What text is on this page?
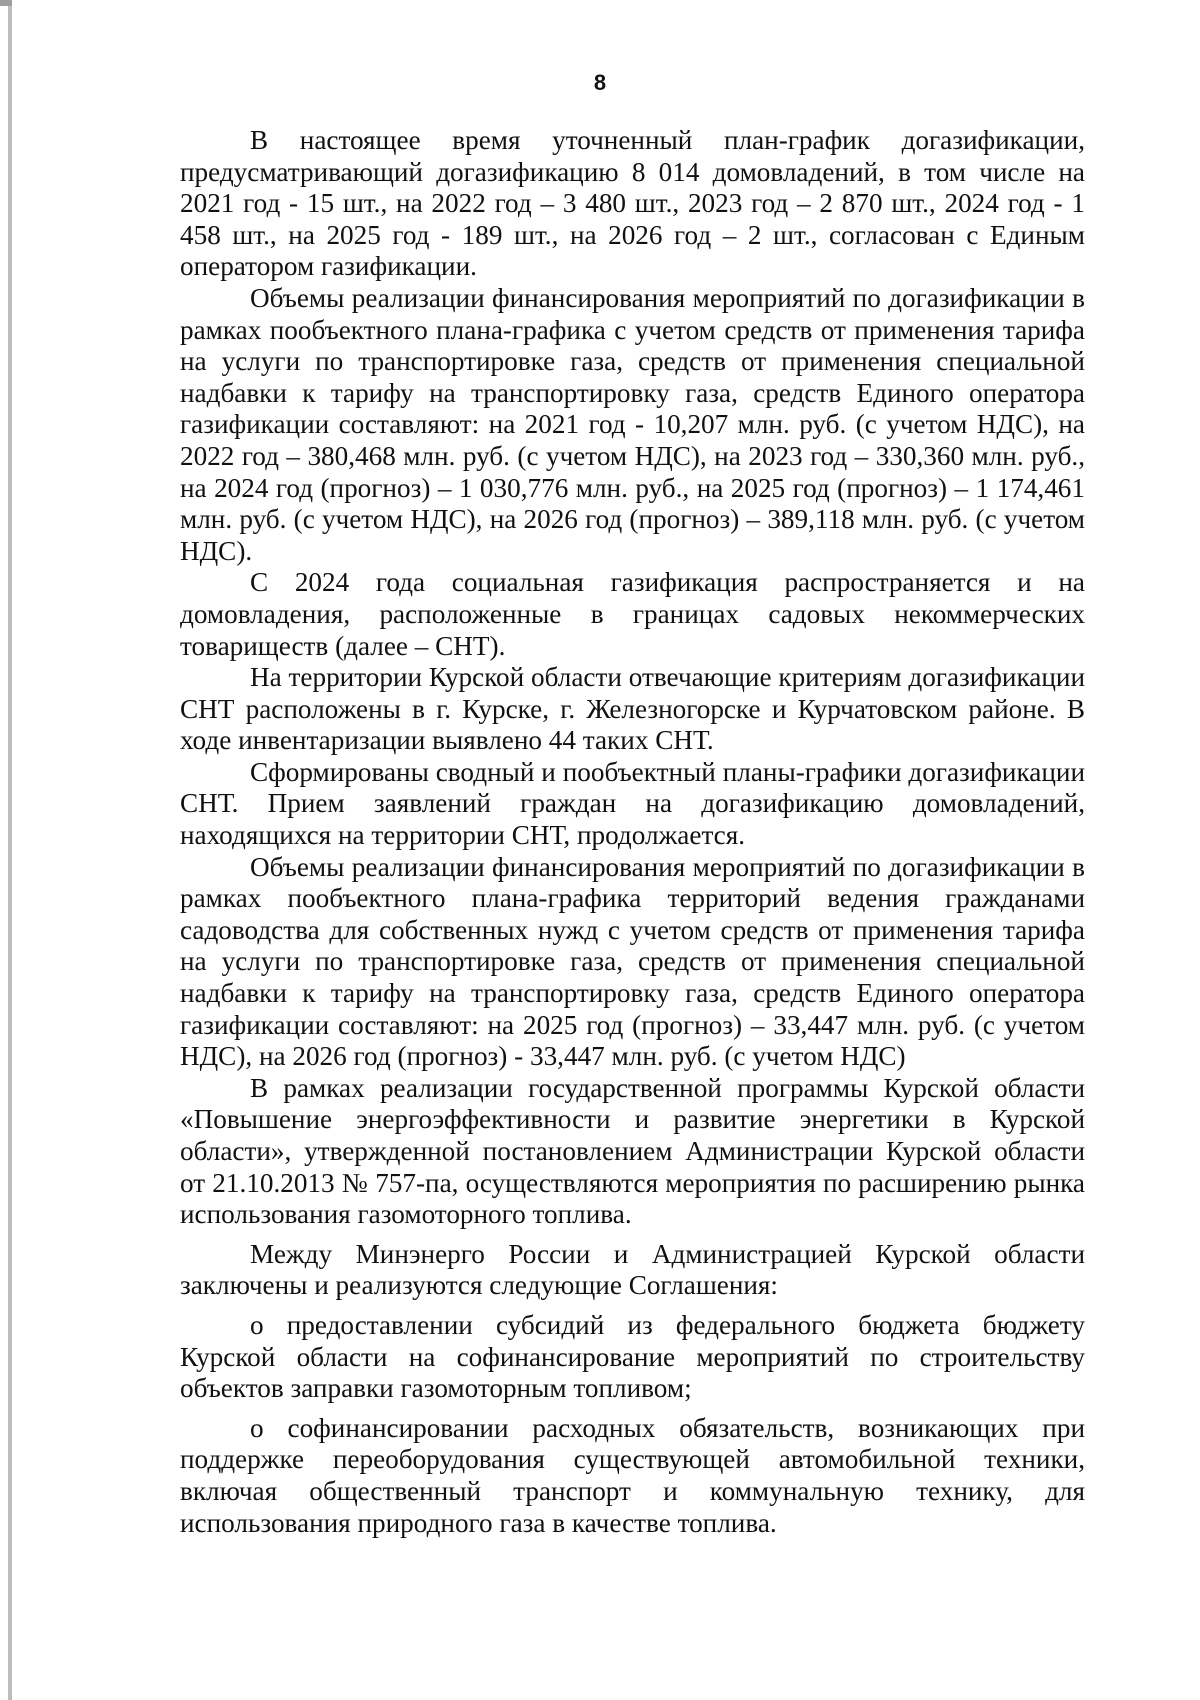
8

В настоящее время уточненный план-график догазификации, предусматривающий догазификацию 8 014 домовладений, в том числе на 2021 год - 15 шт., на 2022 год – 3 480 шт., 2023 год – 2 870 шт., 2024 год - 1 458 шт., на 2025 год - 189 шт., на 2026 год – 2 шт., согласован с Единым оператором газификации.

Объемы реализации финансирования мероприятий по догазификации в рамках пообъектного плана-графика с учетом средств от применения тарифа на услуги по транспортировке газа, средств от применения специальной надбавки к тарифу на транспортировку газа, средств Единого оператора газификации составляют: на 2021 год - 10,207 млн. руб. (с учетом НДС), на 2022 год – 380,468 млн. руб. (с учетом НДС), на 2023 год – 330,360 млн. руб., на 2024 год (прогноз) – 1 030,776 млн. руб., на 2025 год (прогноз) – 1 174,461 млн. руб. (с учетом НДС), на 2026 год (прогноз) – 389,118 млн. руб. (с учетом НДС).

С 2024 года социальная газификация распространяется и на домовладения, расположенные в границах садовых некоммерческих товариществ (далее – СНТ).

На территории Курской области отвечающие критериям догазификации СНТ расположены в г. Курске, г. Железногорске и Курчатовском районе. В ходе инвентаризации выявлено 44 таких СНТ.

Сформированы сводный и пообъектный планы-графики догазификации СНТ. Прием заявлений граждан на догазификацию домовладений, находящихся на территории СНТ, продолжается.

Объемы реализации финансирования мероприятий по догазификации в рамках пообъектного плана-графика территорий ведения гражданами садоводства для собственных нужд с учетом средств от применения тарифа на услуги по транспортировке газа, средств от применения специальной надбавки к тарифу на транспортировку газа, средств Единого оператора газификации составляют: на 2025 год (прогноз) – 33,447 млн. руб. (с учетом НДС), на 2026 год (прогноз) - 33,447 млн. руб. (с учетом НДС)

В рамках реализации государственной программы Курской области «Повышение энергоэффективности и развитие энергетики в Курской области», утвержденной постановлением Администрации Курской области от 21.10.2013 № 757-па, осуществляются мероприятия по расширению рынка использования газомоторного топлива.

Между Минэнерго России и Администрацией Курской области заключены и реализуются следующие Соглашения:

о предоставлении субсидий из федерального бюджета бюджету Курской области на софинансирование мероприятий по строительству объектов заправки газомоторным топливом;

о софинансировании расходных обязательств, возникающих при поддержке переоборудования существующей автомобильной техники, включая общественный транспорт и коммунальную технику, для использования природного газа в качестве топлива.
